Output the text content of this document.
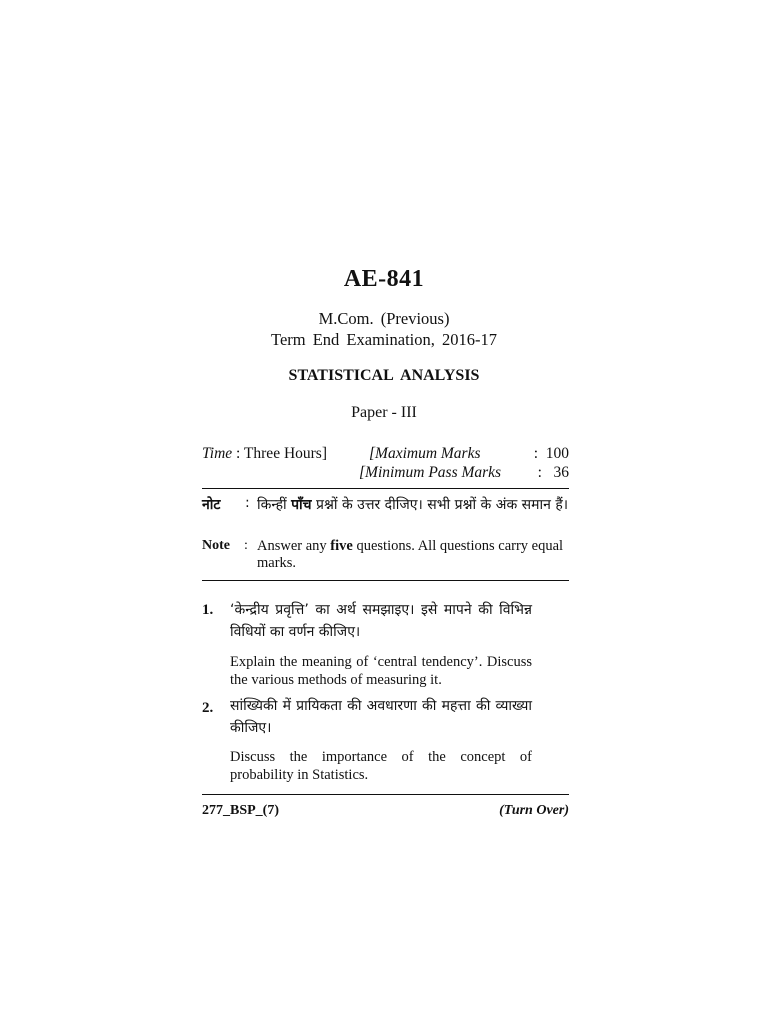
AE-841
M.Com. (Previous)
Term End Examination, 2016-17
STATISTICAL ANALYSIS
Paper - III
Time : Three Hours]	[Maximum Marks	:  100
[Minimum Pass Marks :   36
नोट : किन्हीं पाँच प्रश्नों के उत्तर दीजिए। सभी प्रश्नों के अंक समान हैं।
Note : Answer any five questions. All questions carry equal marks.
1. ‘केन्द्रीय प्रवृत्ति’ का अर्थ समझाइए। इसे मापने की विभिन्न विधियों का वर्णन कीजिए।
Explain the meaning of ‘central tendency’. Discuss the various methods of measuring it.
2. सांख्यिकी में प्रायिकता की अवधारणा की महत्ता की व्याख्या कीजिए।
Discuss the importance of the concept of probability in Statistics.
277_BSP_(7)	(Turn Over)
